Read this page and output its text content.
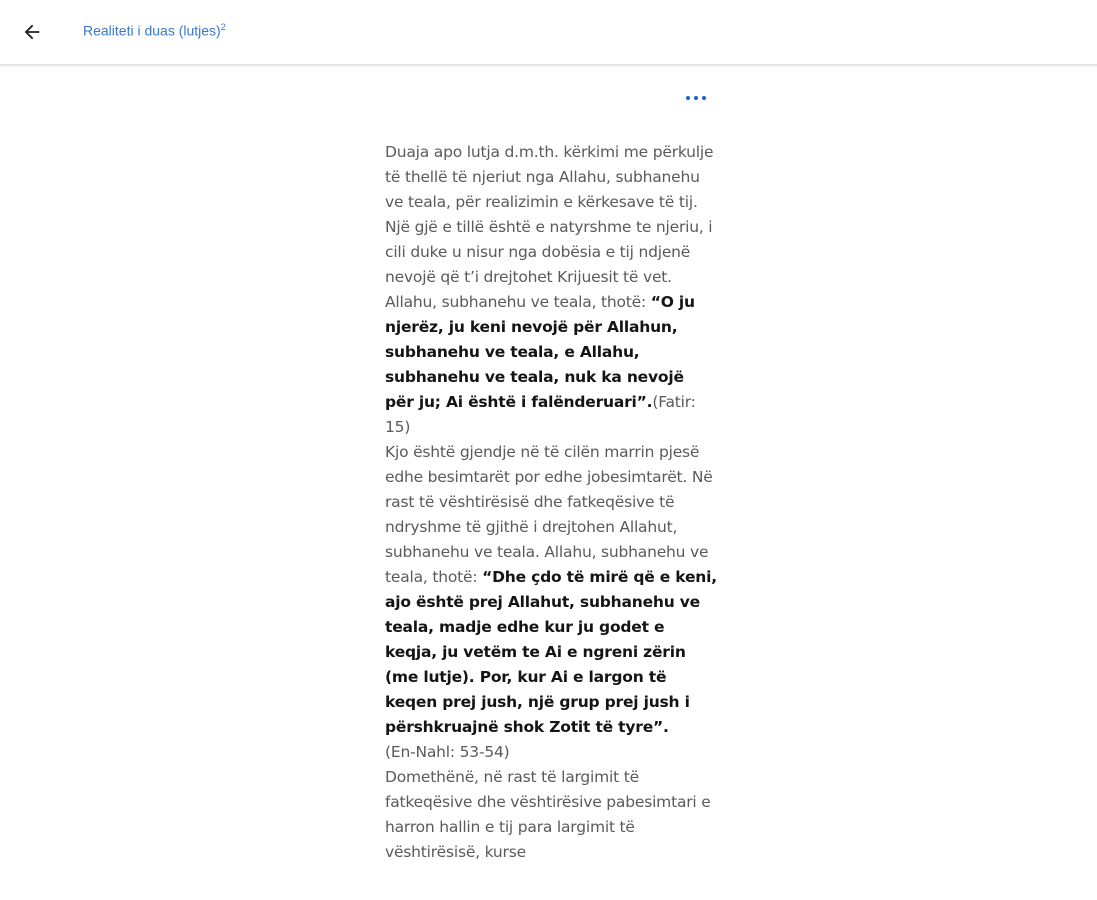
Realiteti i duas (lutjes)$^2$

Duaja apo lutja d.m.th. kërkimi me përkulje të thellë të njeriut nga Allahu, subhanehu ve teala, për realizimin e kërkesave të tij. Një gjë e tillë është e natyrshme te njeriu, i cili duke u nisur nga dobësia e tij ndjenë nevojë që t’i drejtohet Krijuesit të vet. Allahu, subhanehu ve teala, thotë: “O ju njerëz, ju keni nevojë për Allahun, subhanehu ve teala, e Allahu, subhanehu ve teala, nuk ka nevojë për ju; Ai është i falënderuari”.(Fatir: 15)

Kjo është gjendje në të cilën marrin pjesë edhe besimtarët por edhe jobesimtarët. Në rast të vështirësisë dhe fatkeqësive të ndryshme të gjithë i drejtohen Allahut, subhanehu ve teala. Allahu, subhanehu ve teala, thotë: “Dhe çdo të mirë që e keni, ajo është prej Allahut, subhanehu ve teala, madje edhe kur ju godet e keqja, ju vetëm te Ai e ngreni zërin (me lutje). Por, kur Ai e largon të keqen prej jush, një grup prej jush i përshkruajnë shok Zotit të tyre”.
(En-Nahl: 53-54)

Domethënë, në rast të largimit të fatkeqësive dhe vështirësive pabesimtari e harron hallin e tij para largimit të vështirësisë, kurse
